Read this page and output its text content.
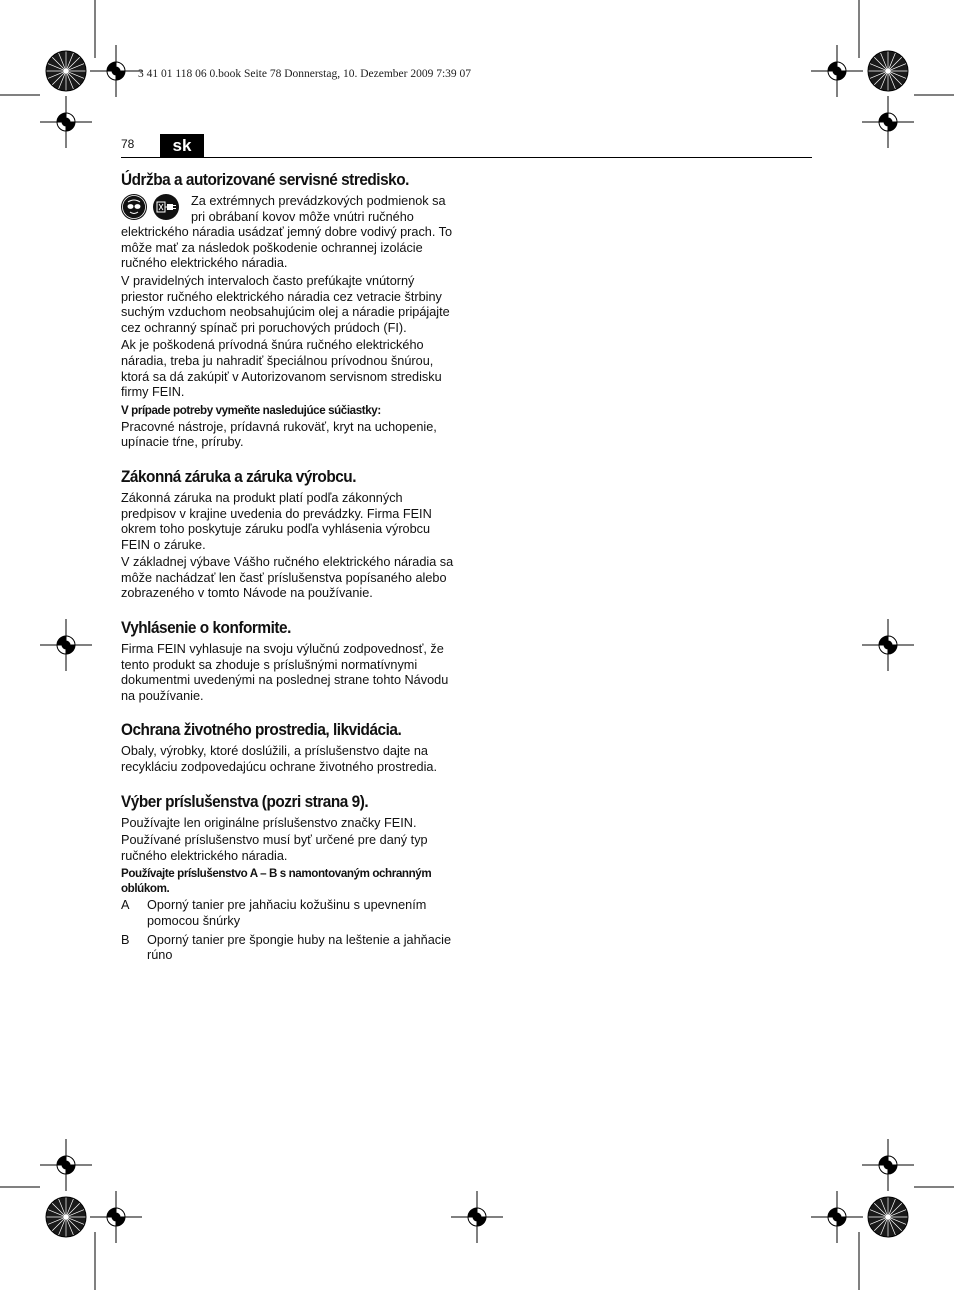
3 41 01 118 06 0.book Seite 78 Donnerstag, 10. Dezember 2009 7:39 07
78	sk
Údržba a autorizované servisné stredisko.

Za extrémnych prevádzkových podmienok sa pri obrábaní kovov môže vnútri ručného elektrického náradia usádzať jemný dobre vodivý prach. To môže mať za následok poškodenie ochrannej izolácie ručného elektrického náradia.

V pravidelných intervaloch často prefúkajte vnútorný priestor ručného elektrického náradia cez vetracie štrbiny suchým vzduchom neobsahujúcim olej a náradie pripájajte cez ochranný spínač pri poruchových prúdoch (FI).

Ak je poškodená prívodná šnúra ručného elektrického náradia, treba ju nahradiť špeciálnou prívodnou šnúrou, ktorá sa dá zakúpiť v Autorizovanom servisnom stredisku firmy FEIN.

V prípade potreby vymeňte nasledujúce súčiastky:

Pracovné nástroje, prídavná rukoväť, kryt na uchopenie, upínacie tŕne, príruby.

Zákonná záruka a záruka výrobcu.

Zákonná záruka na produkt platí podľa zákonných predpisov v krajine uvedenia do prevádzky. Firma FEIN okrem toho poskytuje záruku podľa vyhlásenia výrobcu FEIN o záruke.

V základnej výbave Vášho ručného elektrického náradia sa môže nachádzať len časť príslušenstva popísaného alebo zobrazeného v tomto Návode na používanie.

Vyhlásenie o konformite.

Firma FEIN vyhlasuje na svoju výlučnú zodpovednosť, že tento produkt sa zhoduje s príslušnými normatívnymi dokumentmi uvedenými na poslednej strane tohto Návodu na používanie.

Ochrana životného prostredia, likvidácia.

Obaly, výrobky, ktoré doslúžili, a príslušenstvo dajte na recykláciu zodpovedajúcu ochrane životného prostredia.

Výber príslušenstva (pozri strana 9).

Používajte len originálne príslušenstvo značky FEIN.

Používané príslušenstvo musí byť určené pre daný typ ručného elektrického náradia.

Používajte príslušenstvo A – B s namontovaným ochranným oblúkom.

A	Oporný tanier pre jahňaciu kožušinu s upevnením pomocou šnúrky
B	Oporný tanier pre špongie huby na leštenie a jahňacie rúno
